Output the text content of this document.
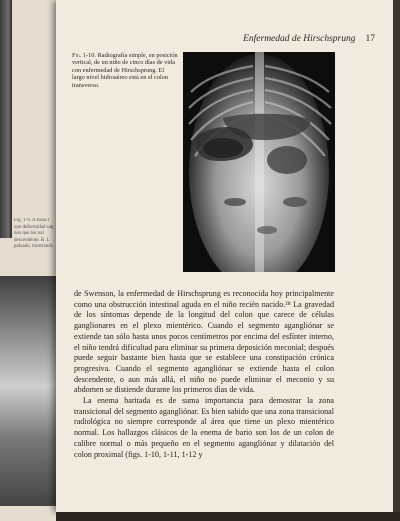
Fig. 1-9. A Rosa f
que deformidad sag
nos que los nal
descendente. B. L
pulsado, mostrando
Enfermedad de Hirschsprung 17
Fig. 1-10. Radiografía simple, en posición vertical, de un niño de cinco días de vida con enfermedad de Hirschsprung. El largo nivel hidroaéreo está en el colon transverso.

de Swenson, la enfermedad de Hirschsprung es reconocida hoy principalmente como una obstrucción intestinal aguda en el niño recién nacido.²⁸ La gravedad de los síntomas depende de la longitud del colon que carece de células ganglionares en el plexo mientérico. Cuando el segmento agangliónar se extiende tan sólo hasta unos pocos centímetros por encima del esfínter interno, el niño tendrá dificultad para eliminar su primera deposición meconial; después puede seguir bastante bien hasta que se establece una constipación crónica progresiva. Cuando el segmento agangliónar se extiende hasta el colon descendente, o aun más allá, el niño no puede eliminar el meconio y su abdomen se distiende durante los primeros días de vida.

La enema baritada es de suma importancia para demostrar la zona transicional del segmento agangliónar. Es bien sabido que una zona transicional radiológica no siempre corresponde al área que tiene un plexo mientérico normal. Los hallazgos clásicos de la enema de bario son los de un colon de calibre normal o más pequeño en el segmento agangliónar y dilatación del colon proximal (figs. 1-10, 1-11, 1-12 y
